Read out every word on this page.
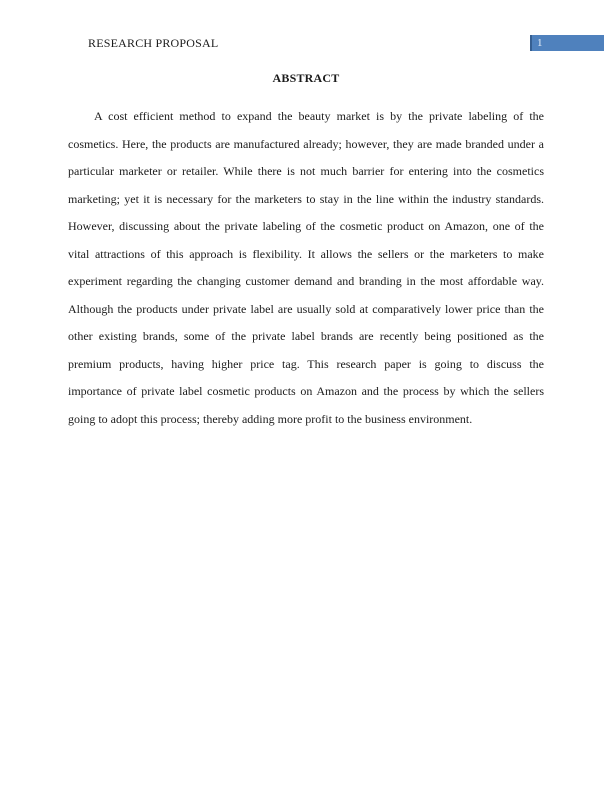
RESEARCH PROPOSAL	1
ABSTRACT
A cost efficient method to expand the beauty market is by the private labeling of the
cosmetics. Here, the products are manufactured already; however, they are made branded under a
particular marketer or retailer. While there is not much barrier for entering into the cosmetics
marketing; yet it is necessary for the marketers to stay in the line within the industry standards.
However, discussing about the private labeling of the cosmetic product on Amazon, one of the
vital attractions of this approach is flexibility. It allows the sellers or the marketers to make
experiment regarding the changing customer demand and branding in the most affordable way.
Although the products under private label are usually sold at comparatively lower price than the
other existing brands, some of the private label brands are recently being positioned as the
premium products, having higher price tag. This research paper is going to discuss the
importance of private label cosmetic products on Amazon and the process by which the sellers
going to adopt this process; thereby adding more profit to the business environment.
